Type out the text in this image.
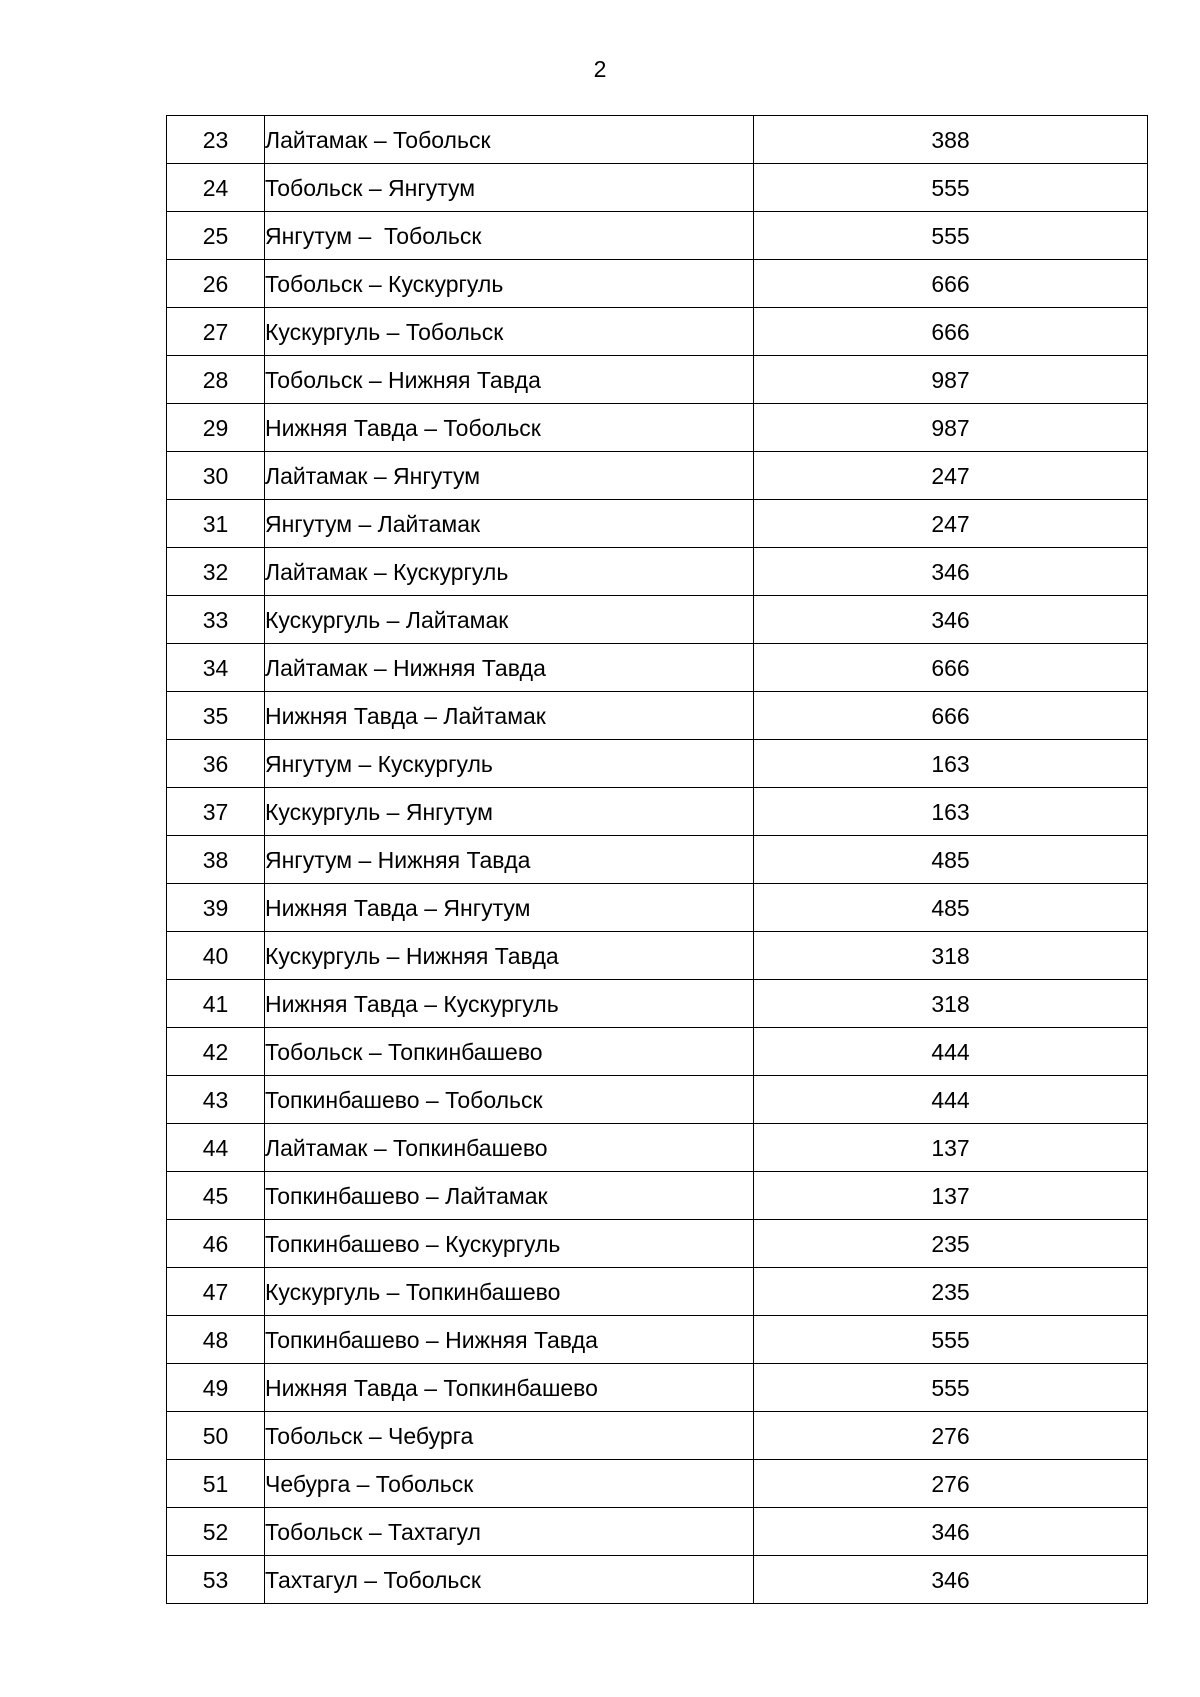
2
23	Лайтамак – Тобольск	388
24	Тобольск – Янгутум	555
25	Янгутум –  Тобольск	555
26	Тобольск – Кускургуль	666
27	Кускургуль – Тобольск	666
28	Тобольск – Нижняя Тавда	987
29	Нижняя Тавда – Тобольск	987
30	Лайтамак – Янгутум	247
31	Янгутум – Лайтамак	247
32	Лайтамак – Кускургуль	346
33	Кускургуль – Лайтамак	346
34	Лайтамак – Нижняя Тавда	666
35	Нижняя Тавда – Лайтамак	666
36	Янгутум – Кускургуль	163
37	Кускургуль – Янгутум	163
38	Янгутум – Нижняя Тавда	485
39	Нижняя Тавда – Янгутум	485
40	Кускургуль – Нижняя Тавда	318
41	Нижняя Тавда – Кускургуль	318
42	Тобольск – Топкинбашево	444
43	Топкинбашево – Тобольск	444
44	Лайтамак – Топкинбашево	137
45	Топкинбашево – Лайтамак	137
46	Топкинбашево – Кускургуль	235
47	Кускургуль – Топкинбашево	235
48	Топкинбашево – Нижняя Тавда	555
49	Нижняя Тавда – Топкинбашево	555
50	Тобольск – Чебурга	276
51	Чебурга – Тобольск	276
52	Тобольск – Тахтагул	346
53	Тахтагул – Тобольск	346
